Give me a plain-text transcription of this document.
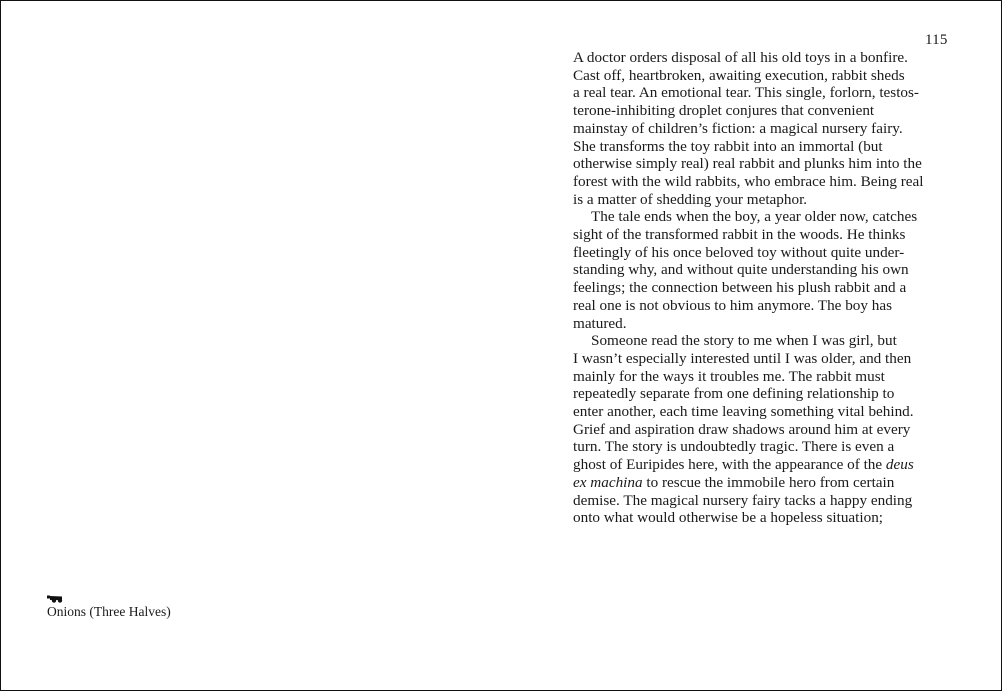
115
A doctor orders disposal of all his old toys in a bonfire.
Cast off, heartbroken, awaiting execution, rabbit sheds
a real tear. An emotional tear. This single, forlorn, testos-
terone-inhibiting droplet conjures that convenient
mainstay of children’s fiction: a magical nursery fairy.
She transforms the toy rabbit into an immortal (but
otherwise simply real) real rabbit and plunks him into the
forest with the wild rabbits, who embrace him. Being real
is a matter of shedding your metaphor.
The tale ends when the boy, a year older now, catches
sight of the transformed rabbit in the woods. He thinks
fleetingly of his once beloved toy without quite under-
standing why, and without quite understanding his own
feelings; the connection between his plush rabbit and a
real one is not obvious to him anymore. The boy has
matured.
Someone read the story to me when I was girl, but
I wasn’t especially interested until I was older, and then
mainly for the ways it troubles me. The rabbit must
repeatedly separate from one defining relationship to
enter another, each time leaving something vital behind.
Grief and aspiration draw shadows around him at every
turn. The story is undoubtedly tragic. There is even a
ghost of Euripides here, with the appearance of the deus
ex machina to rescue the immobile hero from certain
demise. The magical nursery fairy tacks a happy ending
onto what would otherwise be a hopeless situation;
Onions (Three Halves)
